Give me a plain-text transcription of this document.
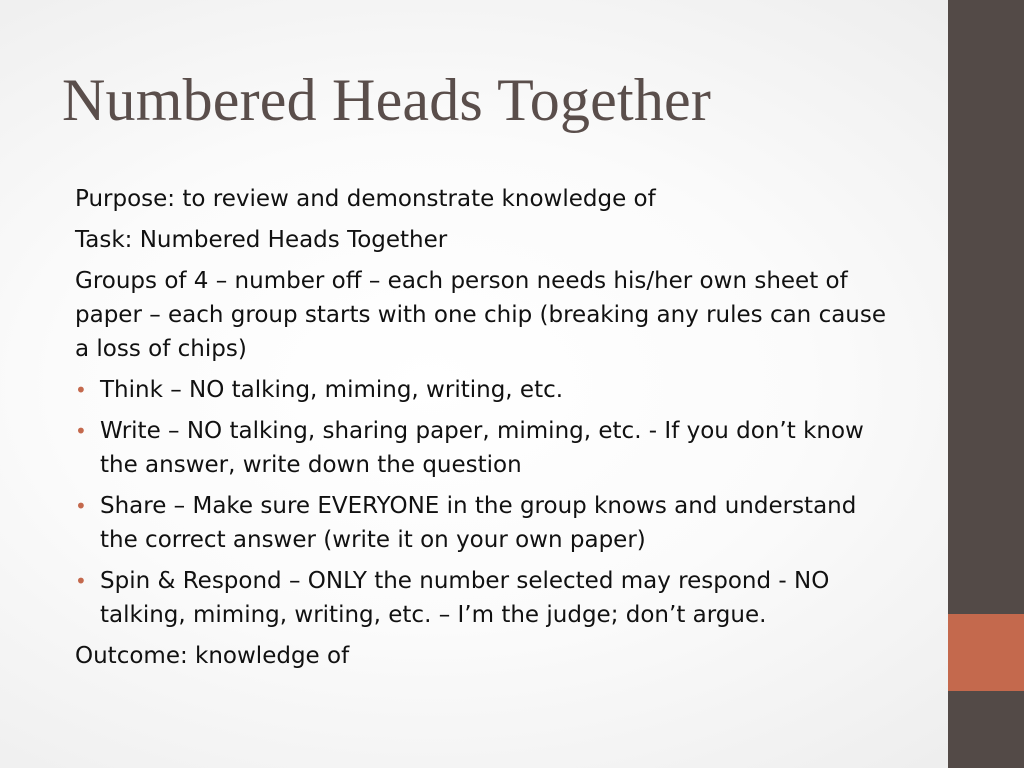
Numbered Heads Together

Purpose: to review and demonstrate knowledge of

Task: Numbered Heads Together

Groups of 4 – number off – each person needs his/her own sheet of paper – each group starts with one chip (breaking any rules can cause a loss of chips)

• Think – NO talking, miming, writing, etc.
• Write – NO talking, sharing paper, miming, etc. - If you don’t know the answer, write down the question
• Share – Make sure EVERYONE in the group knows and understand the correct answer (write it on your own paper)
• Spin & Respond – ONLY the number selected may respond - NO talking, miming, writing, etc. – I’m the judge; don’t argue.

Outcome: knowledge of
